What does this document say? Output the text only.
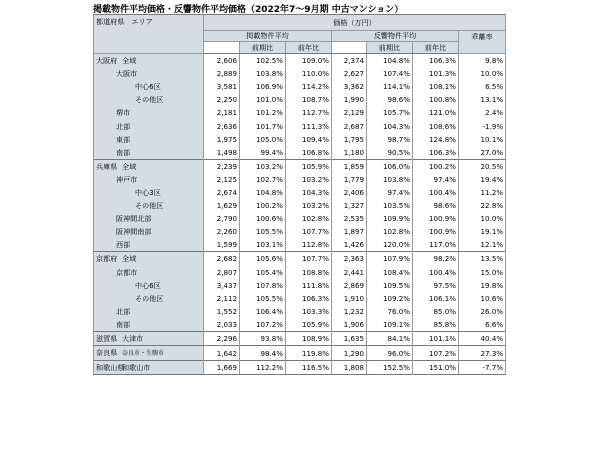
掲載物件平均価格・反響物件平均価格（2022年7～9月期 中古マンション）
都道府県　エリア	価格（万円）						
	掲載物件平均			反響物件平均			乖離率
		前期比	前年比		前期比	前年比	
大阪府 全域	2,606	102.5%	109.0%	2,374	104.8%	106.3%	9.8%
大阪市	2,889	103.8%	110.0%	2,627	107.4%	101.3%	10.0%
中心6区	3,581	106.9%	114.2%	3,362	114.1%	108.1%	6.5%
その他区	2,250	101.0%	108.7%	1,990	98.6%	100.8%	13.1%
堺市	2,181	101.2%	112.7%	2,129	105.7%	121.0%	2.4%
北部	2,636	101.7%	111.3%	2,687	104.3%	108.6%	-1.9%
東部	1,975	105.0%	109.4%	1,795	98.7%	124.8%	10.1%
南部	1,498	99.4%	106.8%	1,180	90.5%	106.3%	27.0%
兵庫県 全域	2,239	103.2%	105.9%	1,859	106.0%	100.2%	20.5%
神戸市	2,125	102.7%	103.2%	1,779	103.8%	97.4%	19.4%
中心3区	2,674	104.8%	104.3%	2,406	97.4%	100.4%	11.2%
その他区	1,629	100.2%	103.2%	1,327	103.5%	98.6%	22.8%
阪神間北部	2,790	100.6%	102.8%	2,535	109.9%	100.9%	10.0%
阪神間南部	2,260	105.5%	107.7%	1,897	102.8%	100.9%	19.1%
西部	1,599	103.1%	112.8%	1,426	120.0%	117.0%	12.1%
京都府 全域	2,682	105.6%	107.7%	2,363	107.9%	98.2%	13.5%
京都市	2,807	105.4%	108.8%	2,441	108.4%	100.4%	15.0%
中心6区	3,437	107.8%	111.8%	2,869	109.5%	97.5%	19.8%
その他区	2,112	105.5%	106.3%	1,910	109.2%	106.1%	10.6%
北部	1,552	106.4%	103.3%	1,232	76.0%	85.0%	26.0%
南部	2,033	107.2%	105.9%	1,906	109.1%	85.8%	6.6%
滋賀県 大津市	2,296	93.8%	108.9%	1,635	84.1%	101.1%	40.4%
奈良県 奈良市・生駒市	1,642	98.4%	119.8%	1,290	96.0%	107.2%	27.3%
和歌山県和歌山市	1,669	112.2%	116.5%	1,808	152.5%	151.0%	-7.7%
